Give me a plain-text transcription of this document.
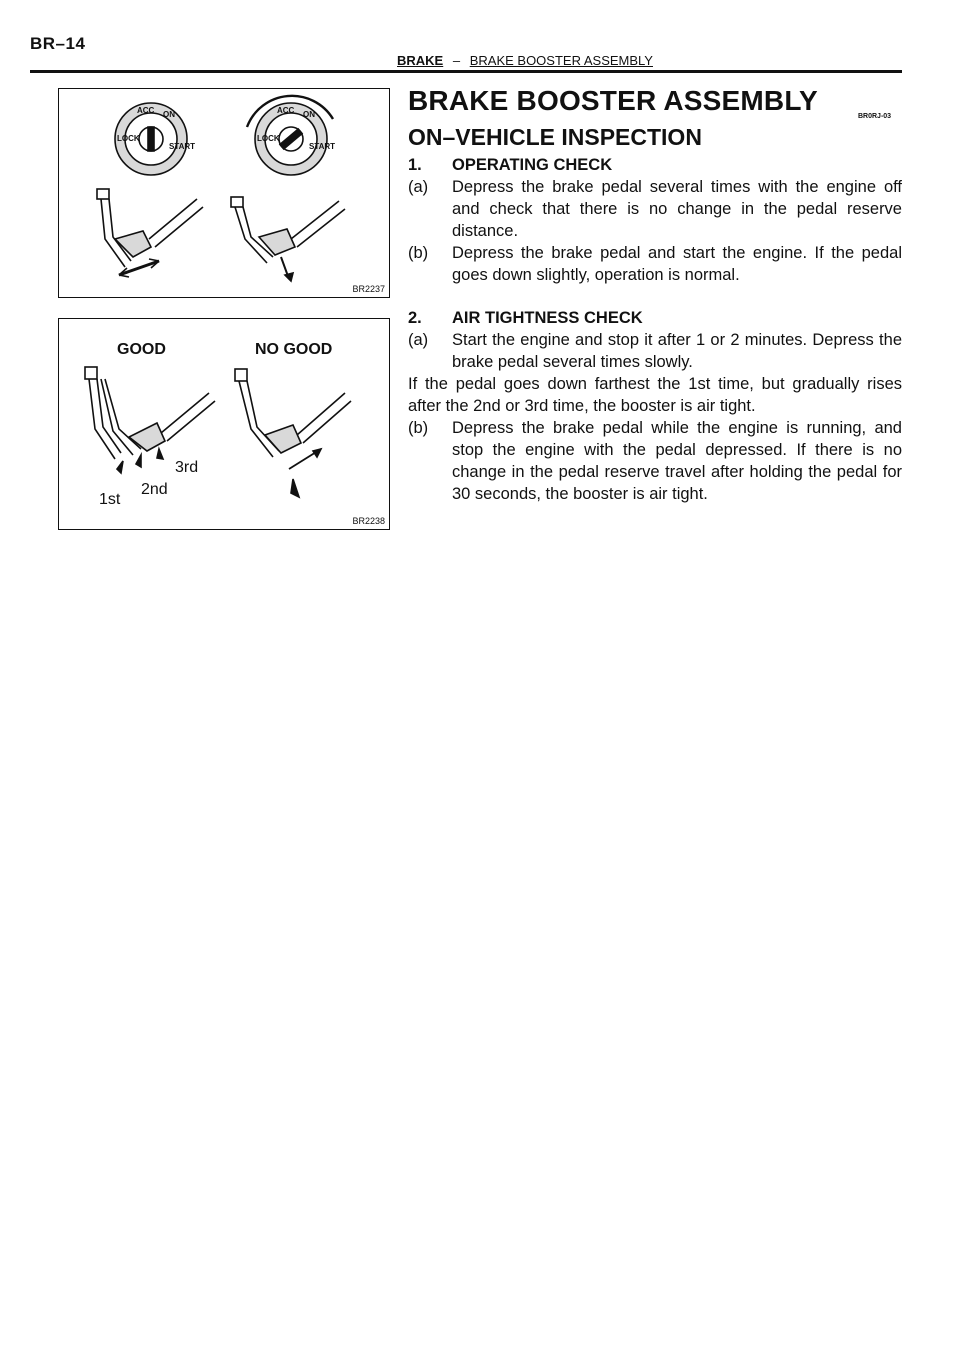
BR–14
BRAKE – BRAKE BOOSTER ASSEMBLY
LOCK
ACC ON
START
LOCK
ACC ON
START
BR2237
GOOD	NO GOOD
3rd
2nd
1st
BR2238
BRAKE BOOSTER ASSEMBLY
BR0RJ-03
ON–VEHICLE INSPECTION
1.	OPERATING CHECK
(a)	Depress the brake pedal several times with the engine off and check that there is no change in the pedal reserve distance.
(b)	Depress the brake pedal and start the engine. If the pedal goes down slightly, operation is normal.
2.	AIR TIGHTNESS CHECK
(a)	Start the engine and stop it after 1 or 2 minutes. Depress the brake pedal several times slowly.
If the pedal goes down farthest the 1st time, but gradually rises after the 2nd or 3rd time, the booster is air tight.
(b)	Depress the brake pedal while the engine is running, and stop the engine with the pedal depressed. If there is no change in the pedal reserve travel after holding the pedal for 30 seconds, the booster is air tight.
